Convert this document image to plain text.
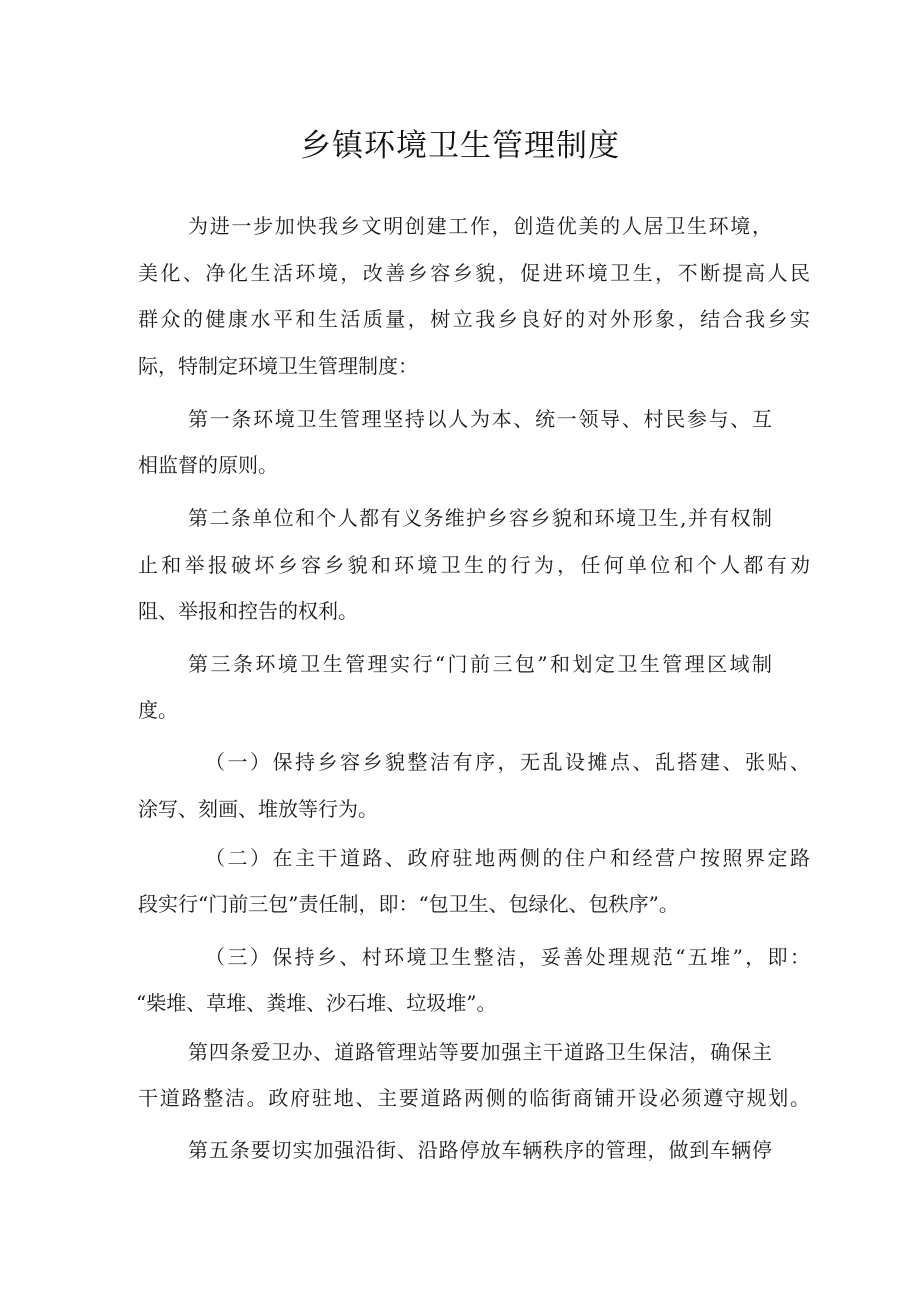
乡镇环境卫生管理制度

为进一步加快我乡文明创建工作，创造优美的人居卫生环境，

美化、净化生活环境，改善乡容乡貌，促进环境卫生，不断提高人民

群众的健康水平和生活质量，树立我乡良好的对外形象，结合我乡实

际，特制定环境卫生管理制度：

第一条环境卫生管理坚持以人为本、统一领导、村民参与、互

相监督的原则。

第二条单位和个人都有义务维护乡容乡貌和环境卫生,并有权制

止和举报破坏乡容乡貌和环境卫生的行为，任何单位和个人都有劝

阻、举报和控告的权利。

第三条环境卫生管理实行“门前三包”和划定卫生管理区域制

度。

（一）保持乡容乡貌整洁有序，无乱设摊点、乱搭建、张贴、

涂写、刻画、堆放等行为。

（二）在主干道路、政府驻地两侧的住户和经营户按照界定路

段实行“门前三包”责任制，即：“包卫生、包绿化、包秩序”。

（三）保持乡、村环境卫生整洁，妥善处理规范“五堆”，即：

“柴堆、草堆、粪堆、沙石堆、垃圾堆”。

第四条爱卫办、道路管理站等要加强主干道路卫生保洁，确保主

干道路整洁。政府驻地、主要道路两侧的临街商铺开设必须遵守规划。

第五条要切实加强沿街、沿路停放车辆秩序的管理，做到车辆停
